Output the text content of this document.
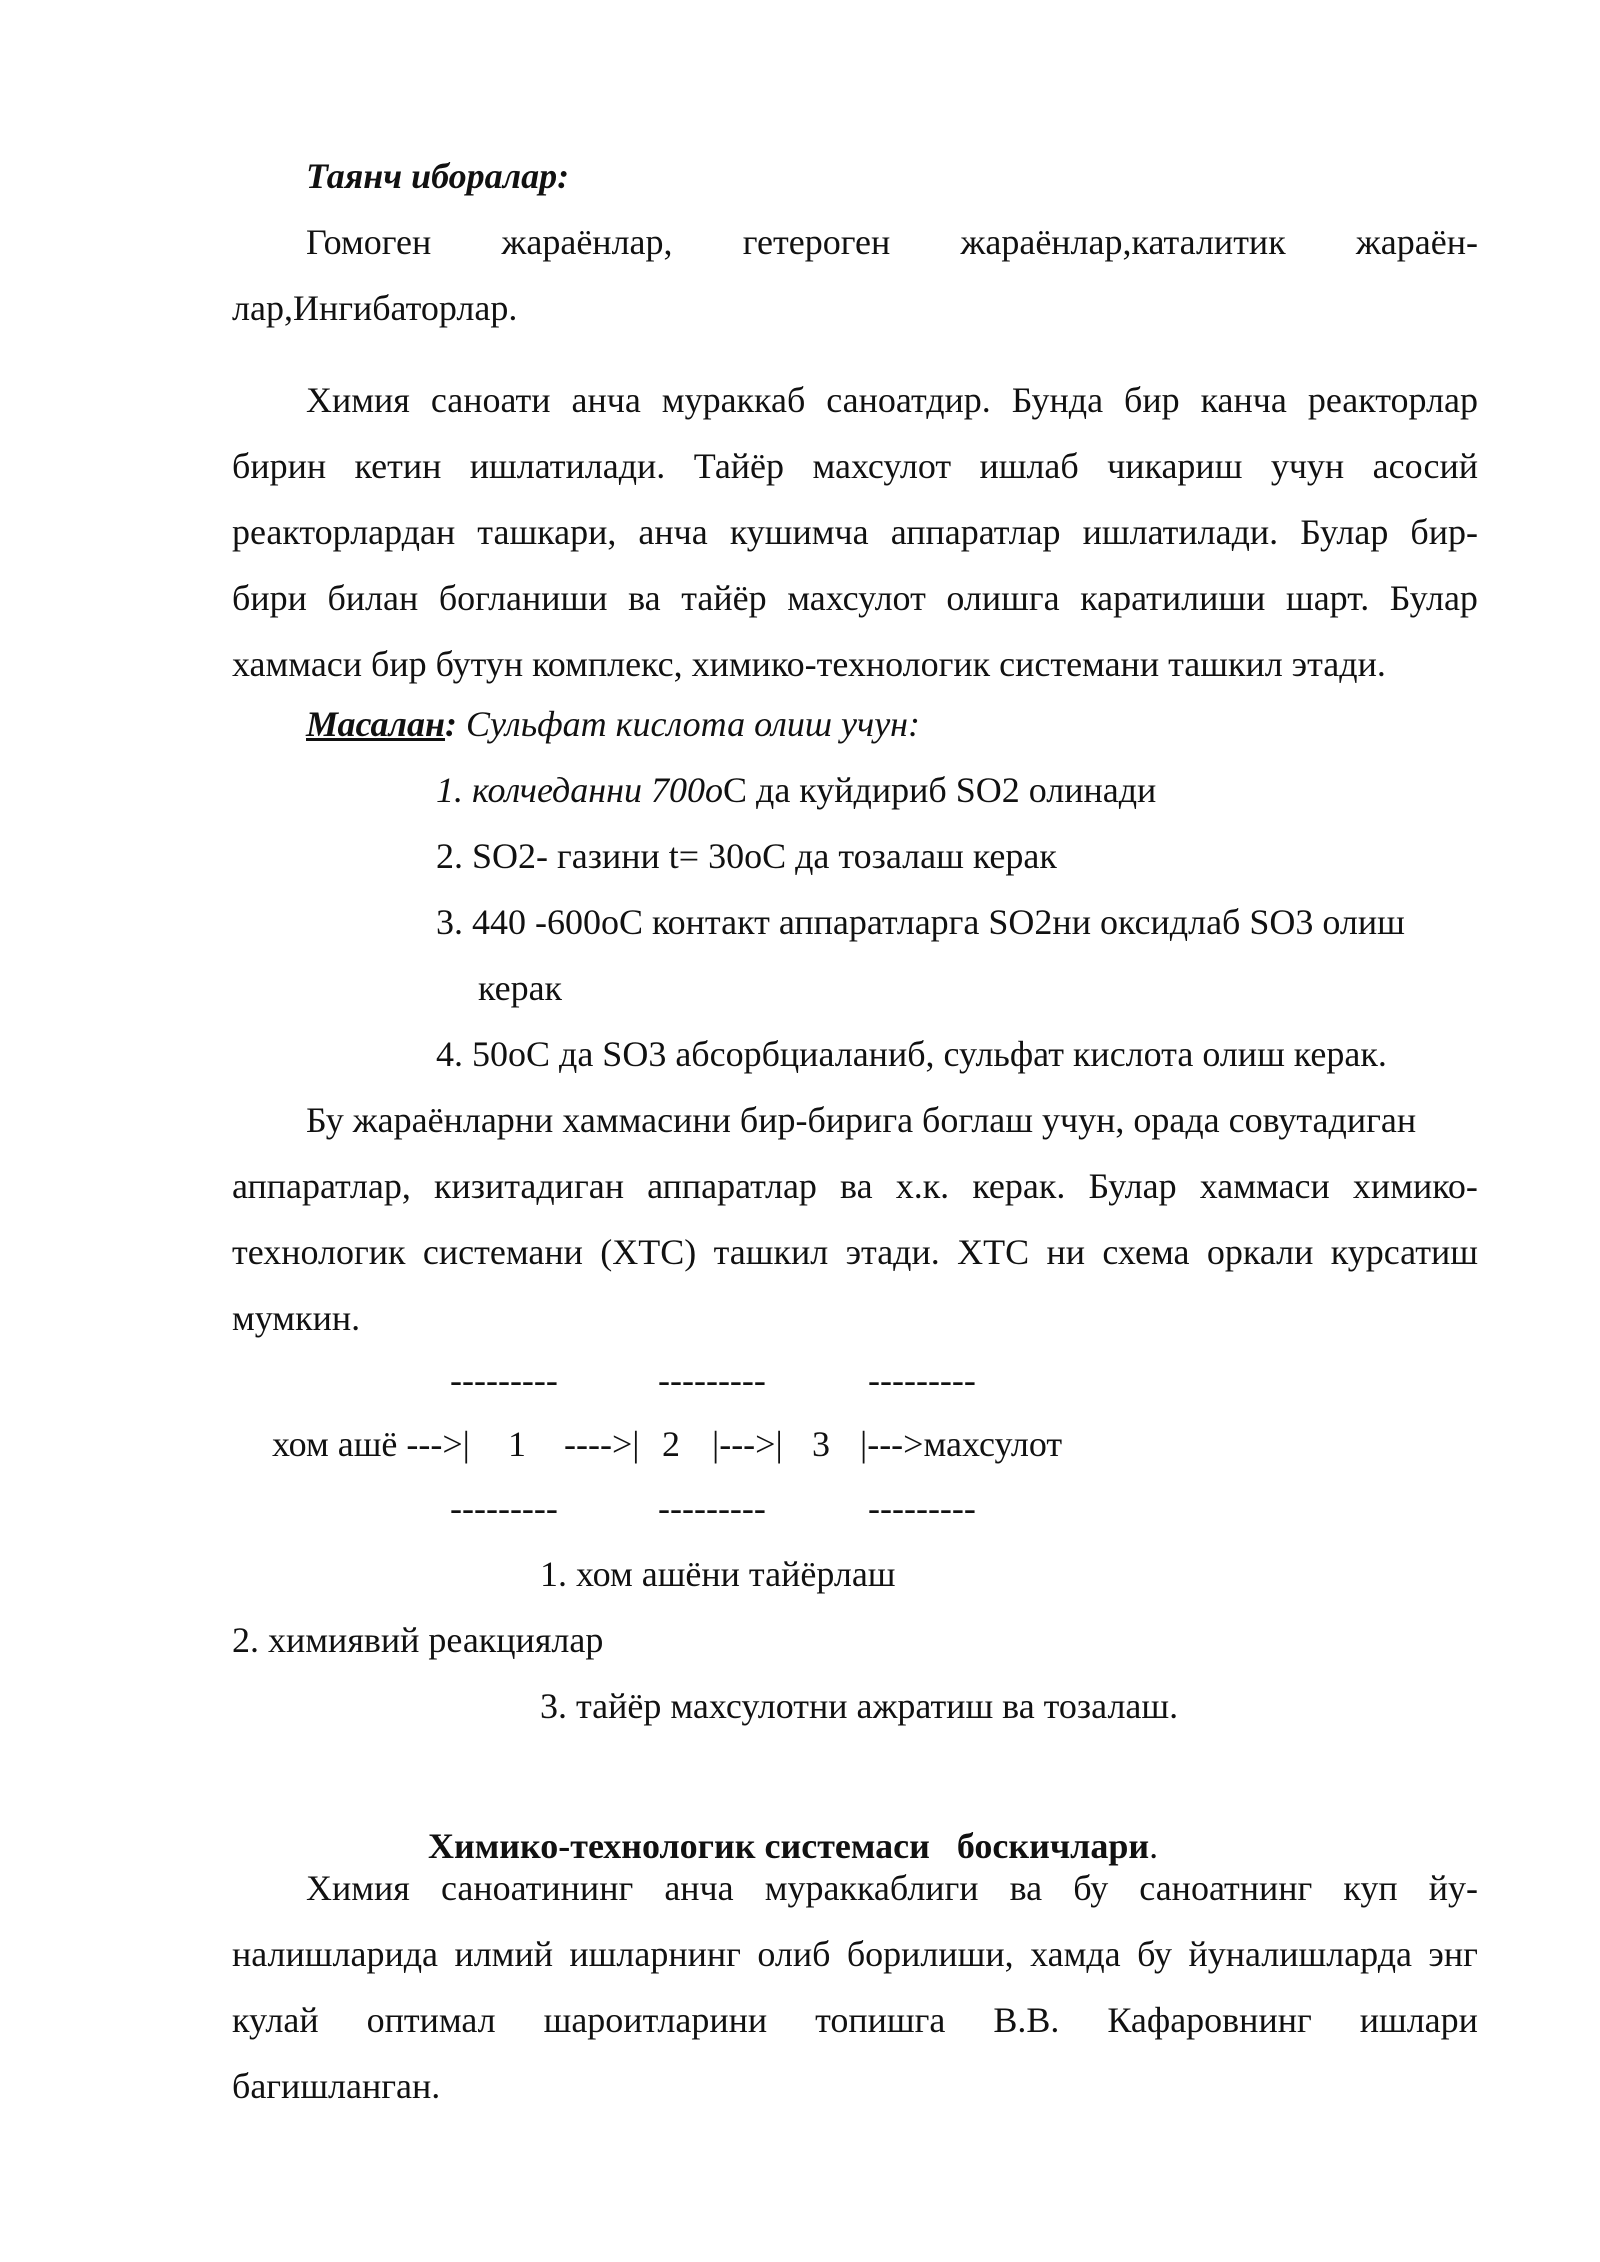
Таянч иборалар:
Гомоген жараёнлар, гетероген жараёнлар,каталитик жараён-
лар,Ингибаторлар.
Химия саноати анча мураккаб саноатдир. Бунда бир канча реакторлар
бирин кетин ишлатилади. Тайёр махсулот ишлаб чикариш учун асосий
реакторлардан ташкари, анча кушимча аппаратлар ишлатилади. Булар бир-
бири билан богланиши ва тайёр махсулот олишга каратилиши шарт. Булар
хаммаси бир бутун комплекс, химико-технологик системани ташкил этади.
Масалан: Сульфат кислота олиш учун:
1. колчеданни 700оС да куйдириб SO2 олинади
2. SO2- газини t= 30оС да тозалаш керак
3. 440 -600оС контакт аппаратларга SO2ни оксидлаб SO3 олиш
керак
4. 50оС да SO3 абсорбциаланиб, сульфат кислота олиш керак.
Бу жараёнларни хаммасини бир-бирига боглаш учун, орада совутадиган
аппаратлар, кизитадиган аппаратлар ва х.к. керак. Булар хаммаси химико-
технологик системани (ХТС) ташкил этади. ХТС ни схема оркали курсатиш
мумкин.
---------	---------	---------
хом ашё --->|	1	---->| 2 |--->| 3 |--->махсулот
---------	---------	---------
1. хом ашёни тайёрлаш
2. химиявий реакциялар
3. тайёр махсулотни ажратиш ва тозалаш.

Химико-технологик системаси   боскичлари.

Химия саноатининг анча мураккаблиги ва бу саноатнинг куп йу-
налишларида илмий ишларнинг олиб борилиши, хамда бу йуналишларда энг
кулай оптимал шароитларини топишга В.В. Кафаровнинг ишлари
багишланган.
